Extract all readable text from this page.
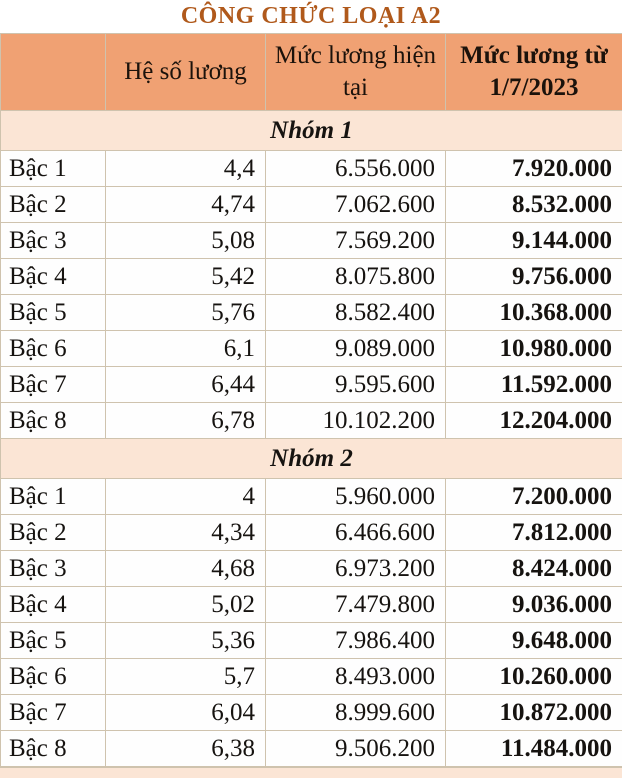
CÔNG CHỨC LOẠI A2
	Hệ số lương	Mức lương hiện tại	Mức lương từ 1/7/2023
Nhóm 1			
Bậc 1	4,4	6.556.000	7.920.000
Bậc 2	4,74	7.062.600	8.532.000
Bậc 3	5,08	7.569.200	9.144.000
Bậc 4	5,42	8.075.800	9.756.000
Bậc 5	5,76	8.582.400	10.368.000
Bậc 6	6,1	9.089.000	10.980.000
Bậc 7	6,44	9.595.600	11.592.000
Bậc 8	6,78	10.102.200	12.204.000
Nhóm 2			
Bậc 1	4	5.960.000	7.200.000
Bậc 2	4,34	6.466.600	7.812.000
Bậc 3	4,68	6.973.200	8.424.000
Bậc 4	5,02	7.479.800	9.036.000
Bậc 5	5,36	7.986.400	9.648.000
Bậc 6	5,7	8.493.000	10.260.000
Bậc 7	6,04	8.999.600	10.872.000
Bậc 8	6,38	9.506.200	11.484.000
